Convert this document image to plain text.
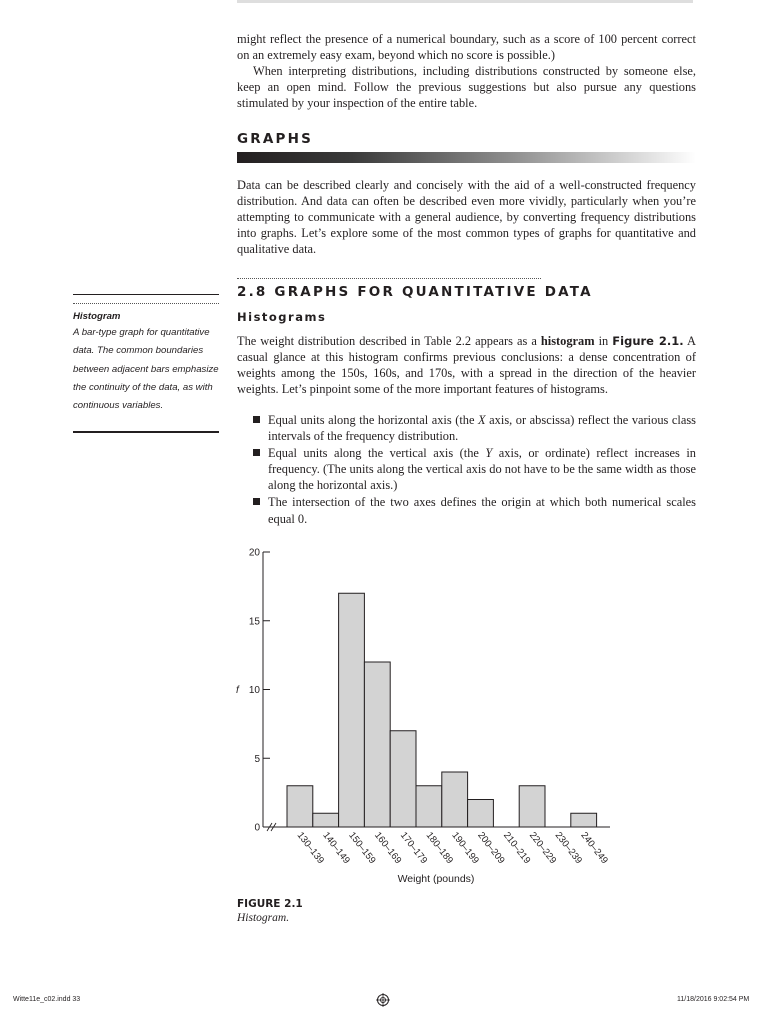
might reflect the presence of a numerical boundary, such as a score of 100 percent correct on an extremely easy exam, beyond which no score is possible.)

When interpreting distributions, including distributions constructed by someone else, keep an open mind. Follow the previous suggestions but also pursue any questions stimulated by your inspection of the entire table.

GRAPHS

Data can be described clearly and concisely with the aid of a well-constructed frequency distribution. And data can often be described even more vividly, particularly when you’re attempting to communicate with a general audience, by converting frequency distributions into graphs. Let’s explore some of the most common types of graphs for quantitative and qualitative data.

2.8 GRAPHS FOR QUANTITATIVE DATA

Histograms

The weight distribution described in Table 2.2 appears as a histogram in Figure 2.1. A casual glance at this histogram confirms previous conclusions: a dense concentration of weights among the 150s, 160s, and 170s, with a spread in the direction of the heavier weights. Let’s pinpoint some of the more important features of histograms.

Equal units along the horizontal axis (the X axis, or abscissa) reflect the various class intervals of the frequency distribution.
Equal units along the vertical axis (the Y axis, or ordinate) reflect increases in frequency. (The units along the vertical axis do not have to be the same width as those along the horizontal axis.)
The intersection of the two axes defines the origin at which both numerical scales equal 0.

Histogram

A bar-type graph for quantitative data. The common boundaries between adjacent bars emphasize the continuity of the data, as with continuous variables.

0
5
10
15
20
f
130–139
140–149
150–159
160–169
170–179
180–189
190–199
200–209
210–219
220–229
230–239
240–249
Weight (pounds)

FIGURE 2.1

Histogram.

Witte11e_c02.indd 33	11/18/2016 9:02:54 PM
